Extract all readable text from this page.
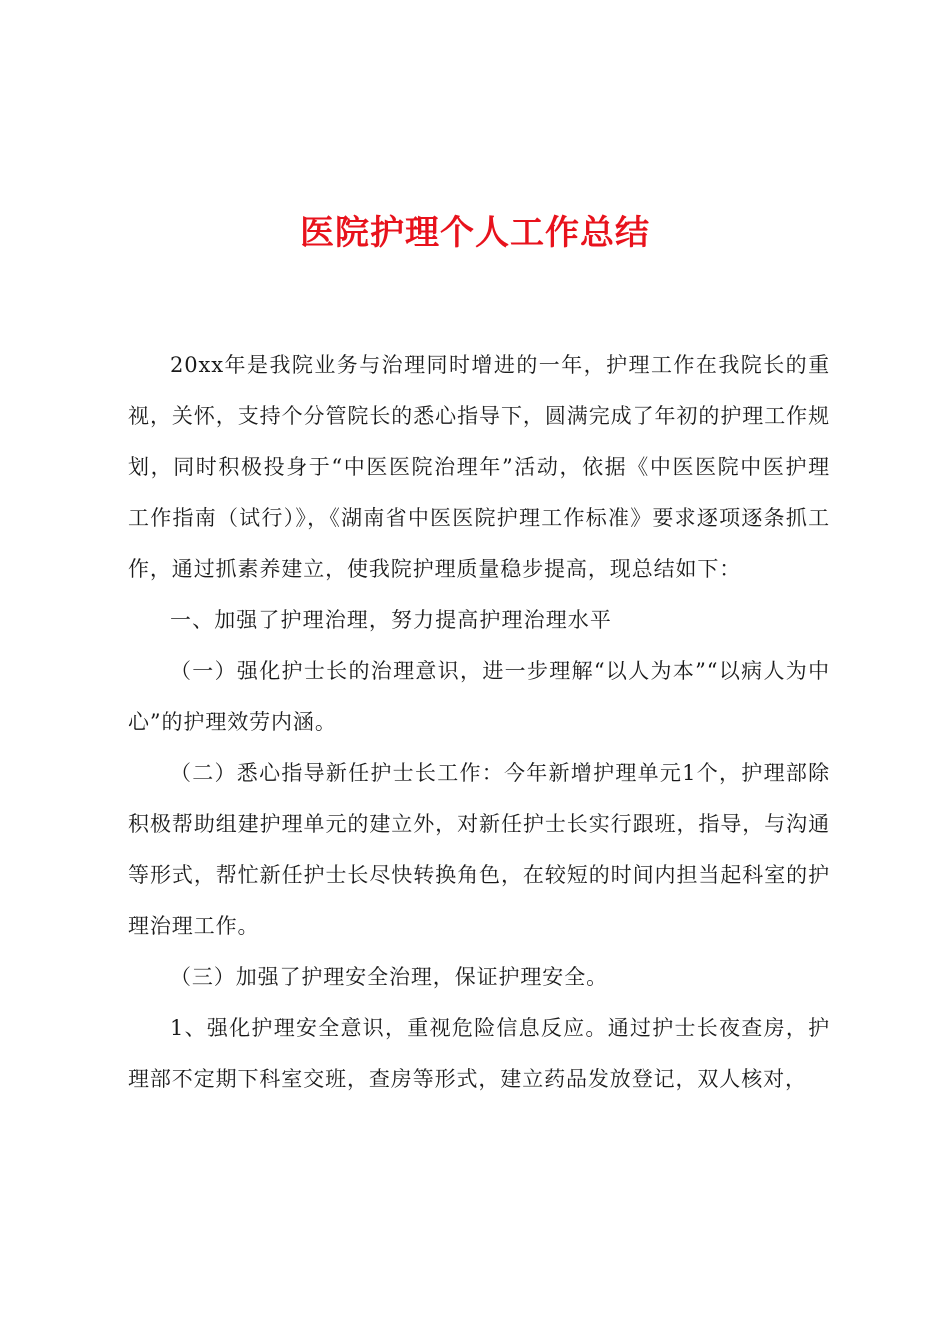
医院护理个人工作总结

20xx年是我院业务与治理同时增进的一年，护理工作在我院长的重视，关怀，支持个分管院长的悉心指导下，圆满完成了年初的护理工作规划，同时积极投身于“中医医院治理年”活动，依据《中医医院中医护理工作指南（试行）》，《湖南省中医医院护理工作标准》要求逐项逐条抓工作，通过抓素养建立，使我院护理质量稳步提高，现总结如下：

一、加强了护理治理，努力提高护理治理水平

（一）强化护士长的治理意识，进一步理解“以人为本”“以病人为中心”的护理效劳内涵。

（二）悉心指导新任护士长工作：今年新增护理单元1个，护理部除积极帮助组建护理单元的建立外，对新任护士长实行跟班，指导，与沟通等形式，帮忙新任护士长尽快转换角色，在较短的时间内担当起科室的护理治理工作。

（三）加强了护理安全治理，保证护理安全。

1、强化护理安全意识，重视危险信息反应。通过护士长夜查房，护理部不定期下科室交班，查房等形式，建立药品发放登记，双人核对，
